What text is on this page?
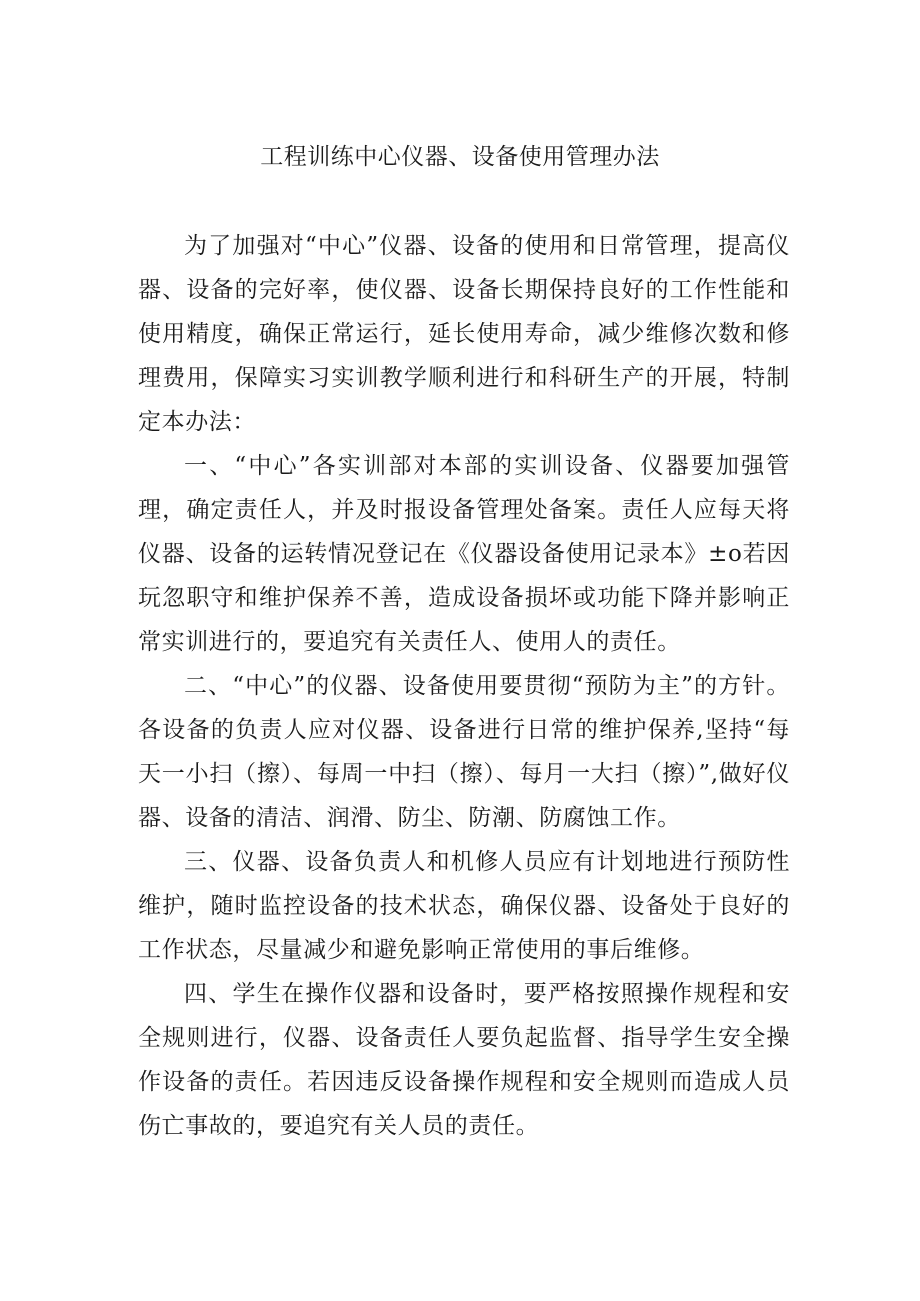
工程训练中心仪器、设备使用管理办法

为了加强对“中心”仪器、设备的使用和日常管理，提高仪器、设备的完好率，使仪器、设备长期保持良好的工作性能和使用精度，确保正常运行，延长使用寿命，减少维修次数和修理费用，保障实习实训教学顺利进行和科研生产的开展，特制定本办法：

一、“中心”各实训部对本部的实训设备、仪器要加强管理，确定责任人，并及时报设备管理处备案。责任人应每天将仪器、设备的运转情况登记在《仪器设备使用记录本》±o若因玩忽职守和维护保养不善，造成设备损坏或功能下降并影响正常实训进行的，要追究有关责任人、使用人的责任。

二、“中心”的仪器、设备使用要贯彻“预防为主”的方针。各设备的负责人应对仪器、设备进行日常的维护保养,坚持“每天一小扫（擦）、每周一中扫（擦）、每月一大扫（擦）”,做好仪器、设备的清洁、润滑、防尘、防潮、防腐蚀工作。

三、仪器、设备负责人和机修人员应有计划地进行预防性维护，随时监控设备的技术状态，确保仪器、设备处于良好的工作状态，尽量减少和避免影响正常使用的事后维修。

四、学生在操作仪器和设备时，要严格按照操作规程和安全规则进行，仪器、设备责任人要负起监督、指导学生安全操作设备的责任。若因违反设备操作规程和安全规则而造成人员伤亡事故的，要追究有关人员的责任。
